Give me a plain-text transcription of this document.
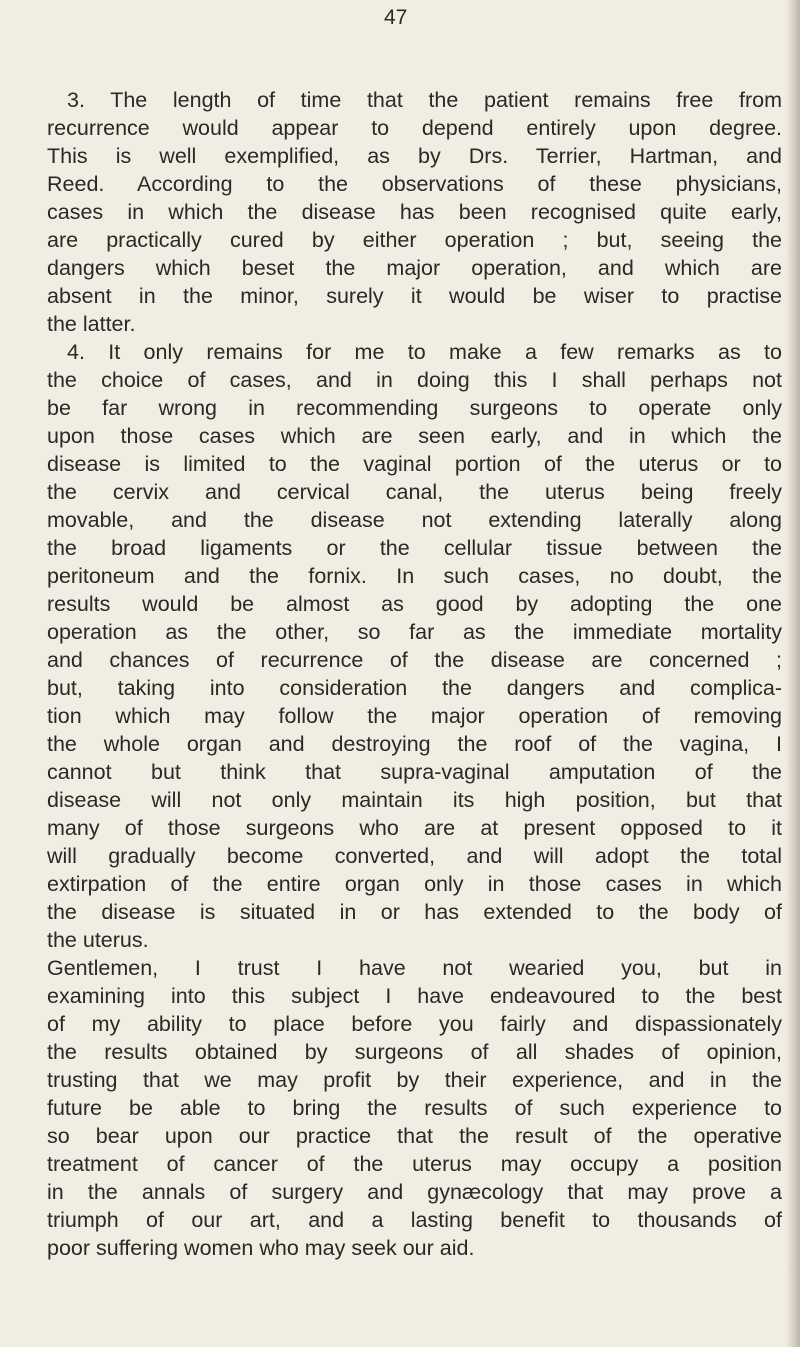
47
3. The length of time that the patient remains free from
recurrence would appear to depend entirely upon degree.
This is well exemplified, as by Drs. Terrier, Hartman, and
Reed. According to the observations of these physicians,
cases in which the disease has been recognised quite early,
are practically cured by either operation ; but, seeing the
dangers which beset the major operation, and which are
absent in the minor, surely it would be wiser to practise
the latter.
4. It only remains for me to make a few remarks as to
the choice of cases, and in doing this I shall perhaps not
be far wrong in recommending surgeons to operate only
upon those cases which are seen early, and in which the
disease is limited to the vaginal portion of the uterus or to
the cervix and cervical canal, the uterus being freely
movable, and the disease not extending laterally along
the broad ligaments or the cellular tissue between the
peritoneum and the fornix. In such cases, no doubt, the
results would be almost as good by adopting the one
operation as the other, so far as the immediate mortality
and chances of recurrence of the disease are concerned ;
but, taking into consideration the dangers and complica-
tion which may follow the major operation of removing
the whole organ and destroying the roof of the vagina, I
cannot but think that supra-vaginal amputation of the
disease will not only maintain its high position, but that
many of those surgeons who are at present opposed to it
will gradually become converted, and will adopt the total
extirpation of the entire organ only in those cases in which
the disease is situated in or has extended to the body of
the uterus.
Gentlemen, I trust I have not wearied you, but in
examining into this subject I have endeavoured to the best
of my ability to place before you fairly and dispassionately
the results obtained by surgeons of all shades of opinion,
trusting that we may profit by their experience, and in the
future be able to bring the results of such experience to
so bear upon our practice that the result of the operative
treatment of cancer of the uterus may occupy a position
in the annals of surgery and gynæcology that may prove a
triumph of our art, and a lasting benefit to thousands of
poor suffering women who may seek our aid.
